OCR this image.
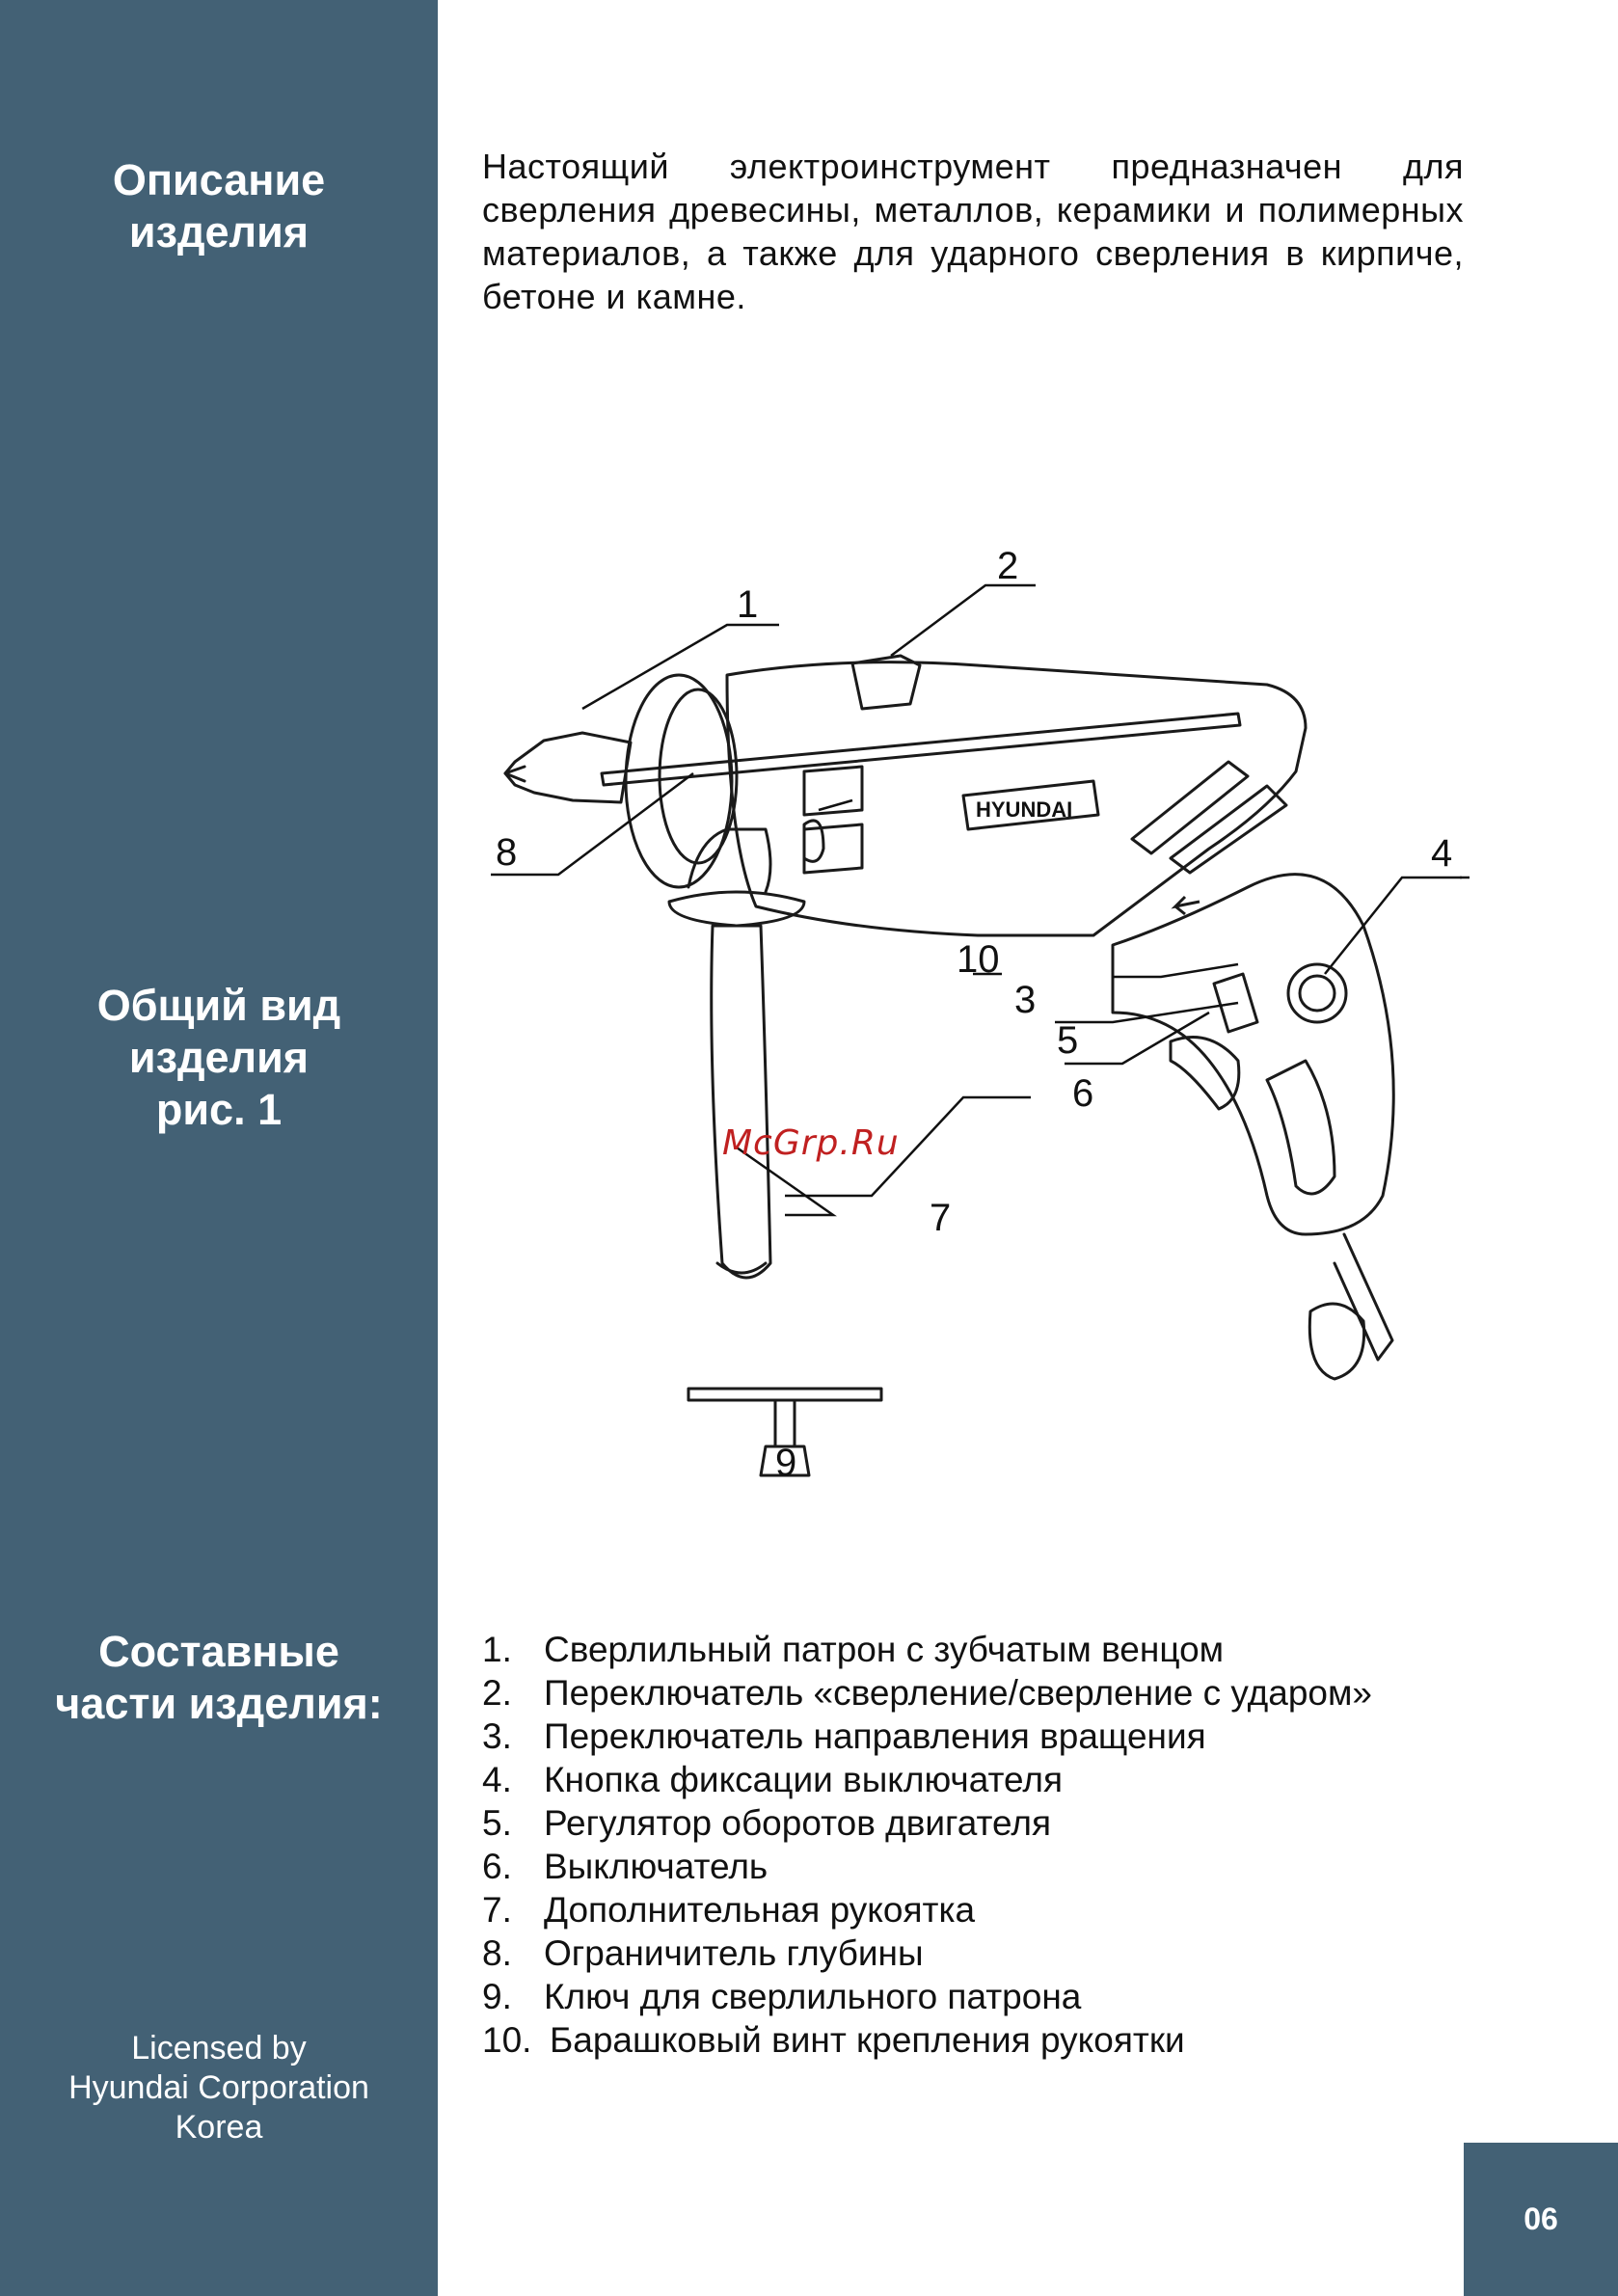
Описание
изделия
Общий вид
изделия
рис. 1
Составные
части изделия:
Licensed by
Hyundai Corporation
Korea
Настоящий электроинструмент предназначен для сверления древесины, металлов, керамики и полимерных материалов, а также для ударного сверления в кирпиче, бетоне и камне.
HYUNDAI
1
2
3
4
5
6
7
8
9
10
McGrp.Ru
1. Сверлильный патрон с зубчатым венцом
2. Переключатель «сверление/сверление с ударом»
3. Переключатель направления вращения
4. Кнопка фиксации выключателя
5. Регулятор оборотов двигателя
6. Выключатель
7. Дополнительная рукоятка
8. Ограничитель глубины
9. Ключ для сверлильного патрона
10. Барашковый винт крепления рукоятки
06
